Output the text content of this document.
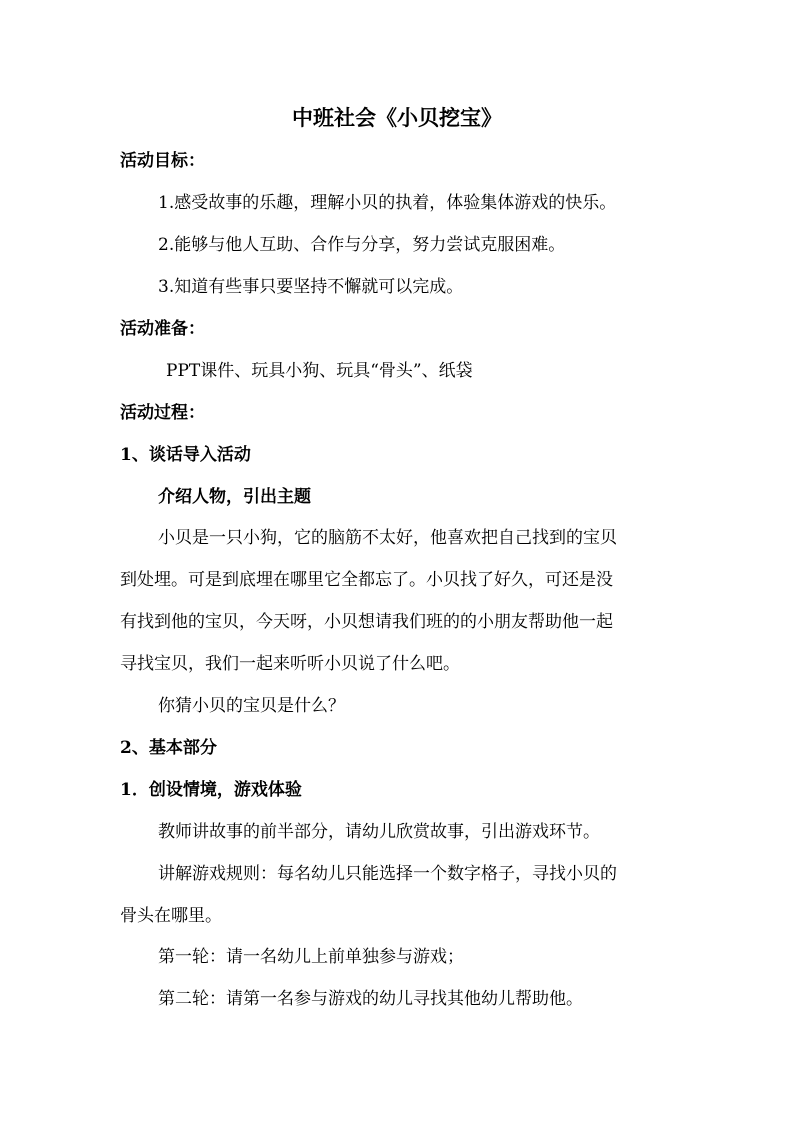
中班社会《小贝挖宝》
活动目标：
1.感受故事的乐趣，理解小贝的执着，体验集体游戏的快乐。
2.能够与他人互助、合作与分享，努力尝试克服困难。
3.知道有些事只要坚持不懈就可以完成。
活动准备：
PPT课件、玩具小狗、玩具“骨头”、纸袋
活动过程：
1、谈话导入活动
介绍人物，引出主题
小贝是一只小狗，它的脑筋不太好，他喜欢把自己找到的宝贝
到处埋。可是到底埋在哪里它全都忘了。小贝找了好久，可还是没
有找到他的宝贝，今天呀，小贝想请我们班的的小朋友帮助他一起
寻找宝贝，我们一起来听听小贝说了什么吧。
你猜小贝的宝贝是什么？
2、基本部分
1．创设情境，游戏体验
教师讲故事的前半部分，请幼儿欣赏故事，引出游戏环节。
讲解游戏规则：每名幼儿只能选择一个数字格子，寻找小贝的
骨头在哪里。
第一轮：请一名幼儿上前单独参与游戏；
第二轮：请第一名参与游戏的幼儿寻找其他幼儿帮助他。
